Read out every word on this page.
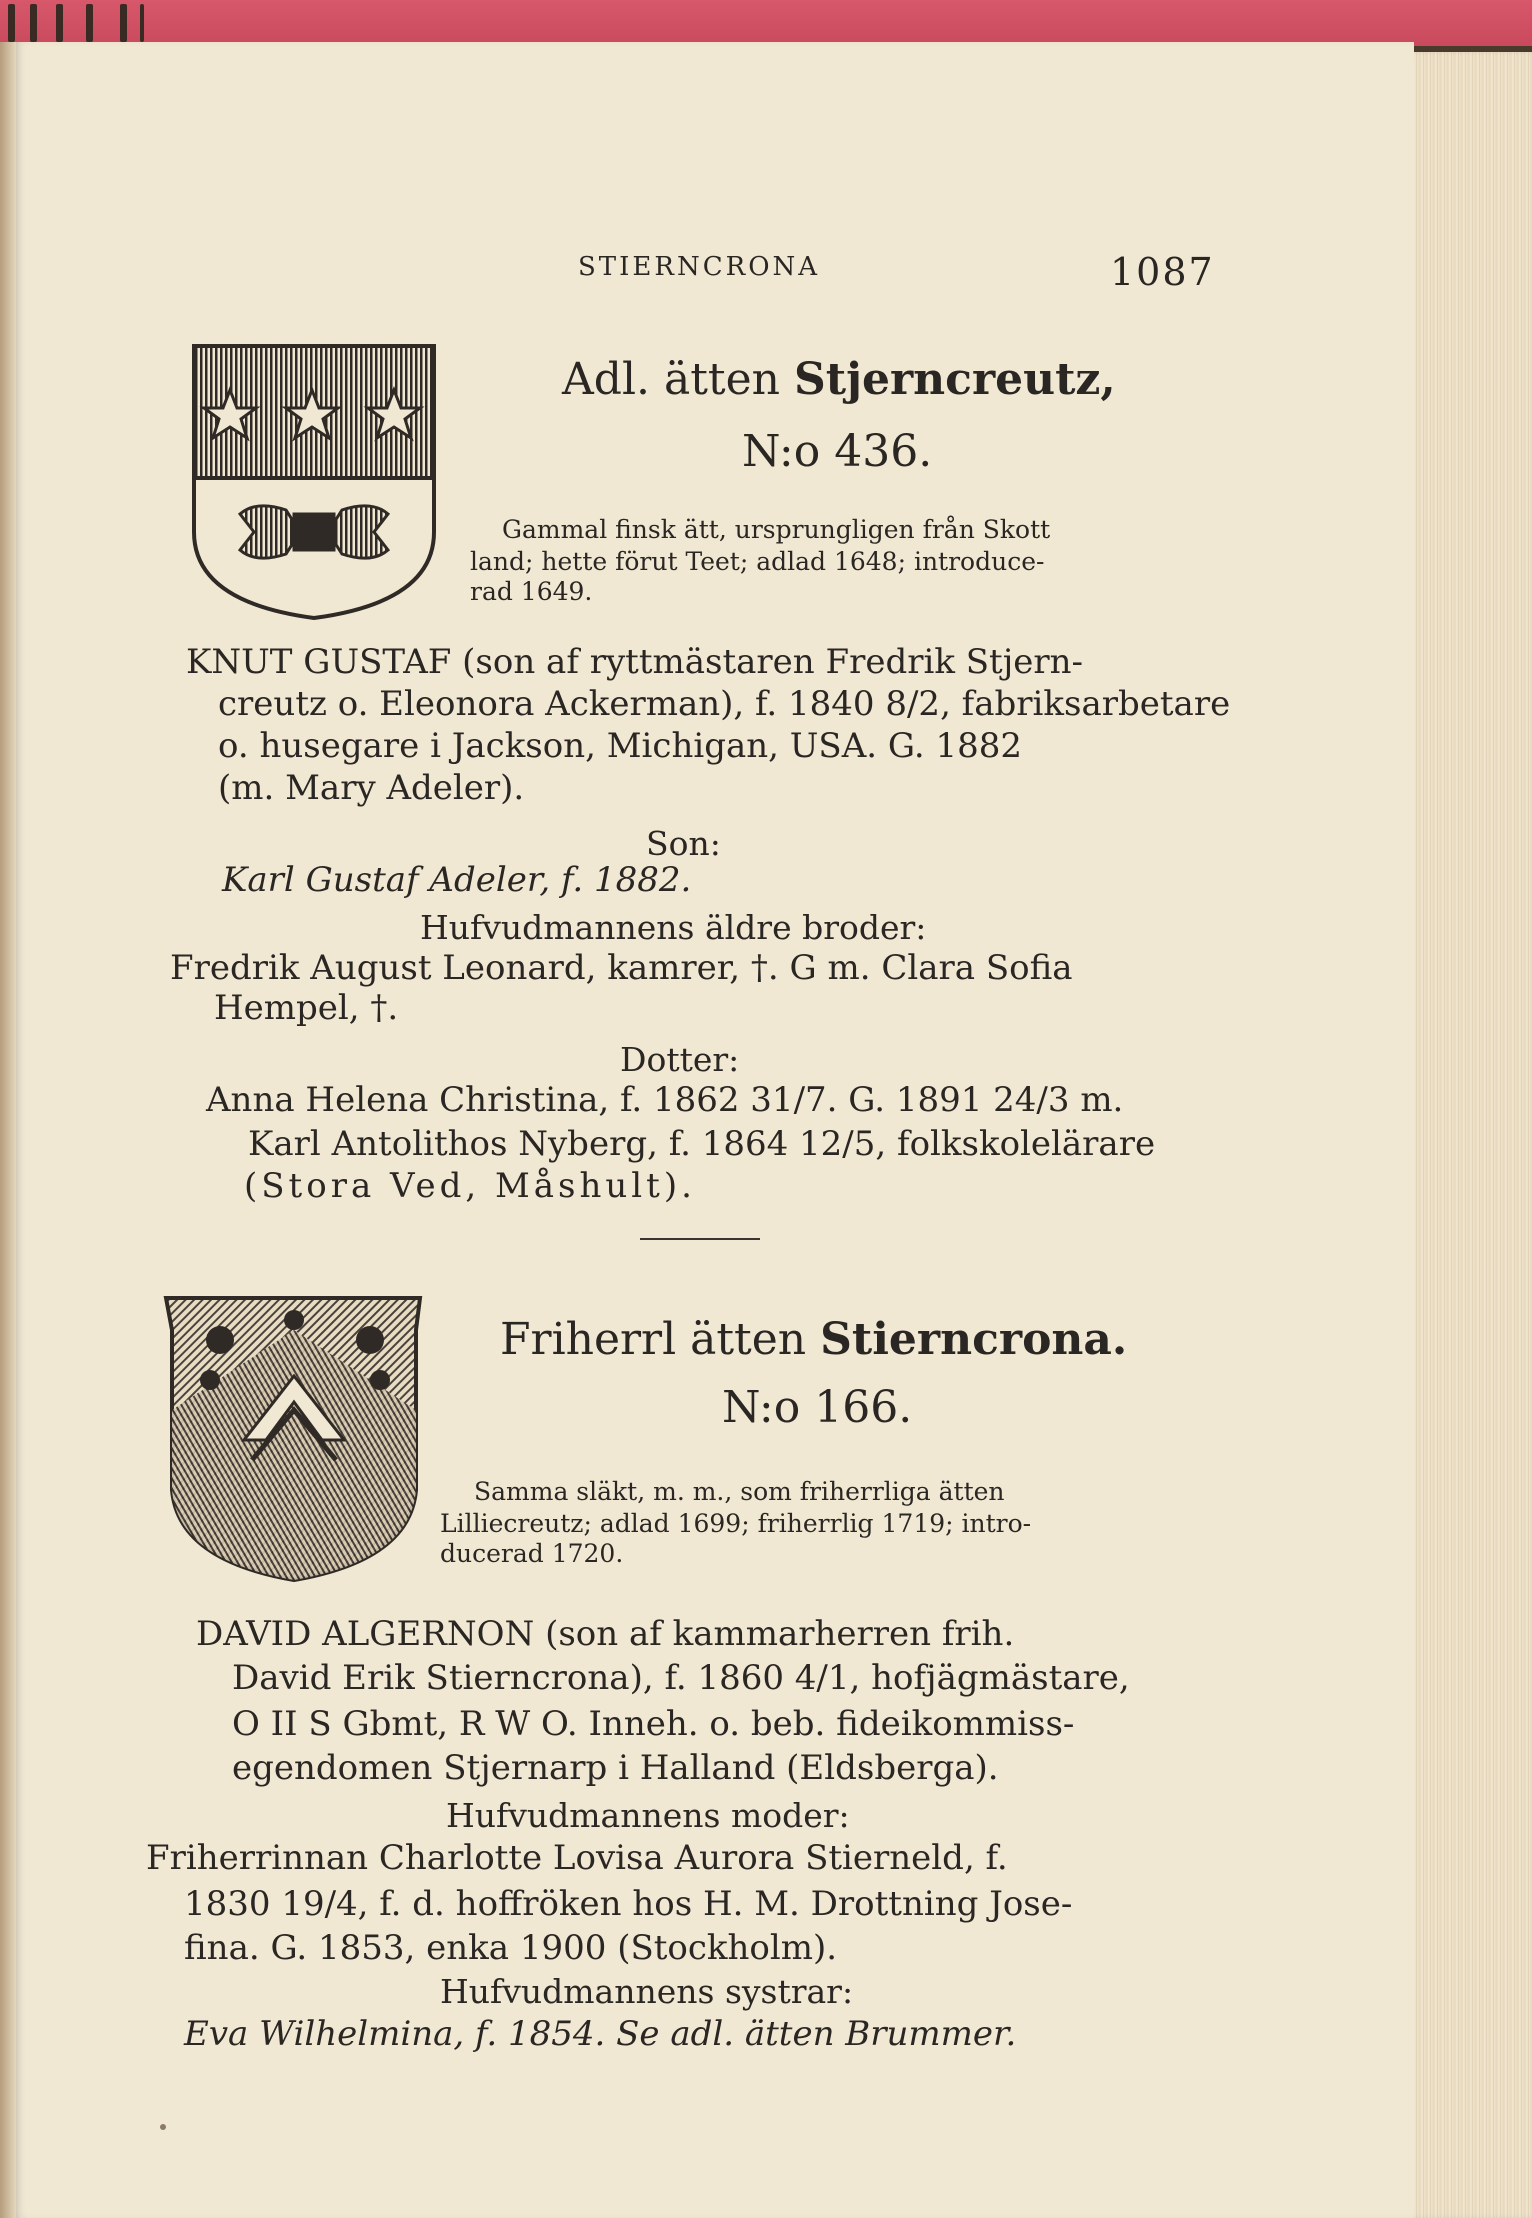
STIERNCRONA	1087
Adl. ätten Stjerncreutz,
N:o 436.
Gammal finsk ätt, ursprungligen från Skott
land; hette förut Teet; adlad 1648; introduce-
rad 1649.
KNUT GUSTAF (son af ryttmästaren Fredrik Stjern-
creutz o. Eleonora Ackerman), f. 1840 8/2, fabriksarbetare
o. husegare i Jackson, Michigan, USA. G. 1882
(m. Mary Adeler).
Son:
Karl Gustaf Adeler, f. 1882.
Hufvudmannens äldre broder:
Fredrik August Leonard, kamrer, †. G m. Clara Sofia
Hempel, †.
Dotter:
Anna Helena Christina, f. 1862 31/7. G. 1891 24/3 m.
Karl Antolithos Nyberg, f. 1864 12/5, folkskolelärare
(Stora Ved, Måshult).
Friherrl ätten Stierncrona.
N:o 166.
Samma släkt, m. m., som friherrliga ätten
Lilliecreutz; adlad 1699; friherrlig 1719; intro-
ducerad 1720.
DAVID ALGERNON (son af kammarherren frih.
David Erik Stierncrona), f. 1860 4/1, hofjägmästare,
O II S Gbmt, R W O. Inneh. o. beb. fideikommiss-
egendomen Stjernarp i Halland (Eldsberga).
Hufvudmannens moder:
Friherrinnan Charlotte Lovisa Aurora Stierneld, f.
1830 19/4, f. d. hoffröken hos H. M. Drottning Jose-
fina. G. 1853, enka 1900 (Stockholm).
Hufvudmannens systrar:
Eva Wilhelmina, f. 1854. Se adl. ätten Brummer.
